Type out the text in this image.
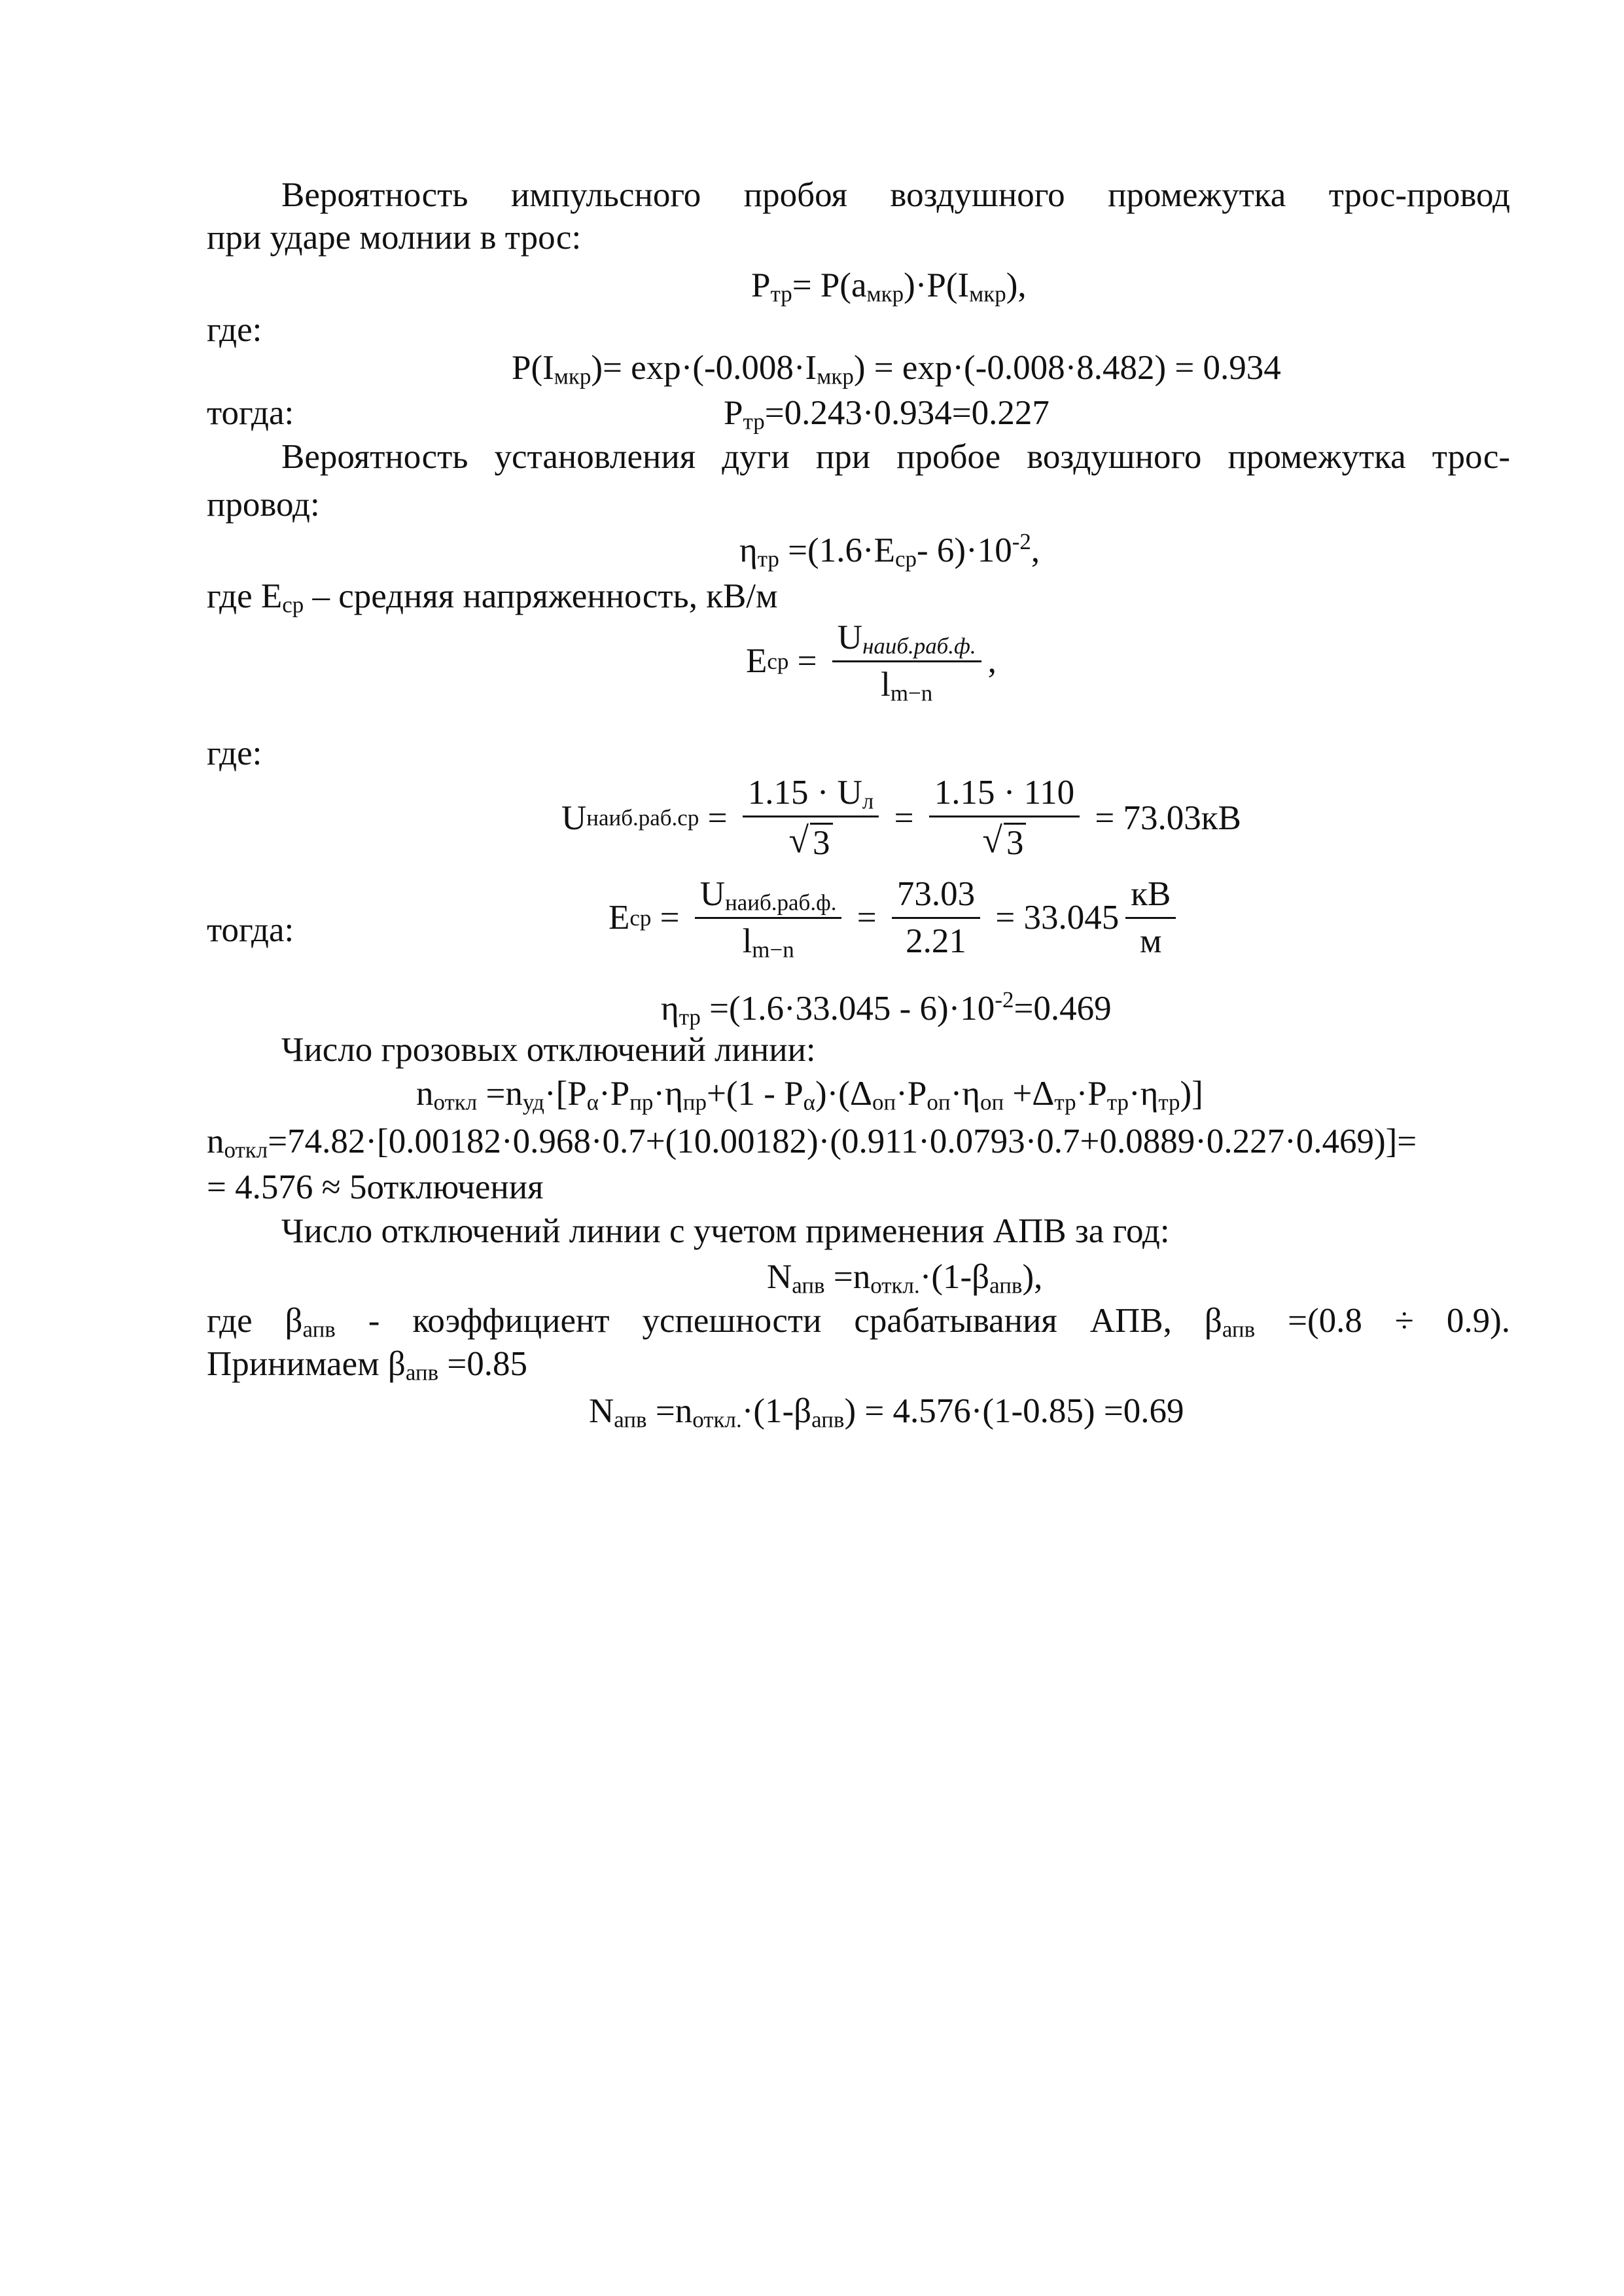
Вероятность импульсного пробоя воздушного промежутка трос-провод
при ударе молнии в трос:
$P_{тр}= P(a_{мкр})\cdot P(I_{мкр})$,
где:
$P(I_{мкр})= \exp\cdot(-0.008\cdot I_{мкр}) = \exp\cdot(-0.008\cdot 8.482) = 0.934$
тогда:	$P_{тр}=0.243\cdot 0.934=0.227$
Вероятность установления дуги при пробое воздушного промежутка трос-
провод:
$\eta_{тр} =(1.6\cdot E_{ср}-$ $6)\cdot 10^{-2}$,
где $E_{ср}$ – средняя напряженность, кВ/м
E ср = $\frac{U_{наиб.раб.ф.}}{l_{m-n}}$ ,
где:
U наиб.раб.ср = $\frac{1.15 \cdot U_л}{√ 3} = \frac{1.15 \cdot 110}{√ 3} = 73.03кВ$
тогда:	E ср = $\frac{U_{наиб.раб.ф.}}{l_{m-n}} = \frac{73.03}{2.21} = 33.045 \frac{кВ}{м}$
$\eta_{тр} =(1.6\cdot 33.045 - 6)\cdot 10^{-2}=0.469$
Число грозовых отключений линии:
$n_{откл} =n_{уд}\cdot[P_\alpha\cdot P_{пр}\cdot\eta_{пр}+(1 - P_\alpha)\cdot(\Delta_{оп}\cdot P_{оп}\cdot\eta_{оп} +\Delta_{тр}\cdot P_{тр}\cdot\eta_{тр})]$
$n_{откл}=74.82\cdot[0.00182\cdot 0.968\cdot 0.7+(10.00182)\cdot(0.911\cdot 0.0793\cdot 0.7+0.0889\cdot 0.227\cdot 0.469)]=$
= 4.576 ≈ 5отключения
Число отключений линии с учетом применения АПВ за год:
$N_{апв} =n_{откл.}\cdot(1-\beta_{апв})$,
где $\beta_{апв}$ - коэффициент успешности срабатывания АПВ, $\beta_{апв} =(0.8 \div 0.9)$.
Принимаем $\beta_{апв} =0.85$
$N_{апв} =n_{откл.}\cdot(1-\beta_{апв}) = 4.576\cdot(1-0.85) =0.69$
